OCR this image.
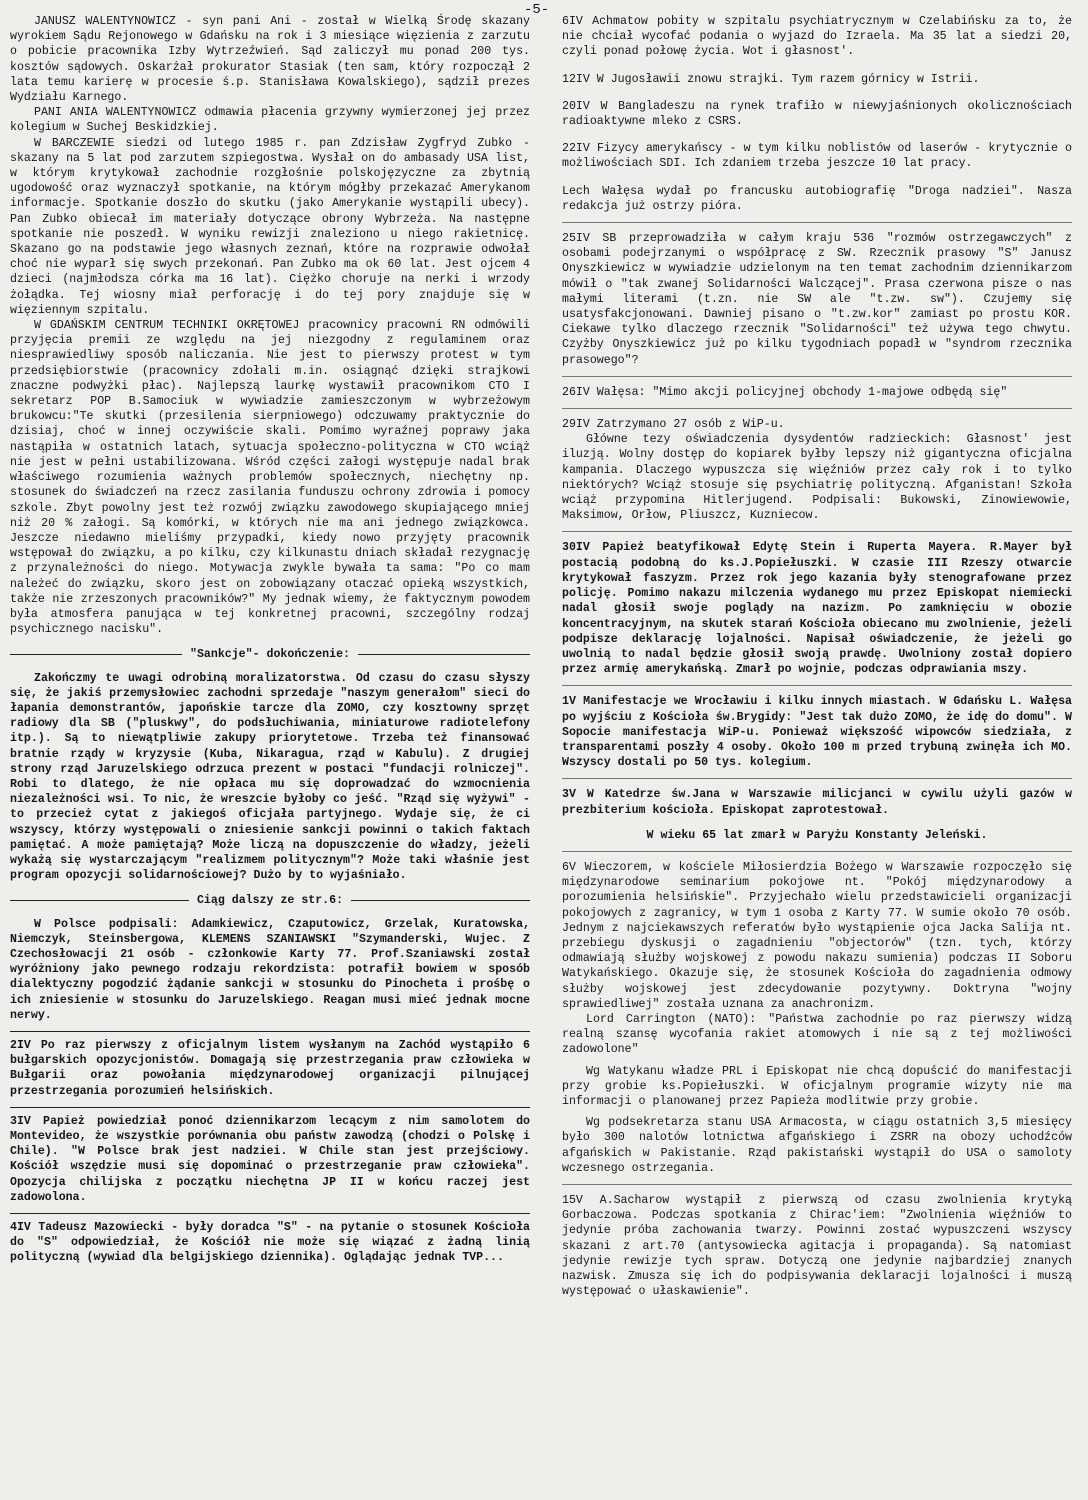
-5-

JANUSZ WALENTYNOWICZ - syn pani Ani - został w Wielką Środę skazany wyrokiem Sądu Rejonowego w Gdańsku na rok i 3 miesiące więzienia z zarzutu o pobicie pracownika Izby Wytrzeźwień. Sąd zaliczył mu ponad 200 tys. kosztów sądowych. Oskarżał prokurator Stasiak (ten sam, który rozpoczął 2 lata temu karierę w procesie ś.p. Stanisława Kowalskiego), sądził prezes Wydziału Karnego.

PANI ANIA WALENTYNOWICZ odmawia płacenia grzywny wymierzonej jej przez kolegium w Suchej Beskidzkiej.

W BARCZEWIE siedzi od lutego 1985 r. pan Zdzisław Zygfryd Zubko - skazany na 5 lat pod zarzutem szpiegostwa. Wysłał on do ambasady USA list, w którym krytykował zachodnie rozgłośnie polskojęzyczne za zbytnią ugodowość oraz wyznaczył spotkanie, na którym mógłby przekazać Amerykanom informacje. Spotkanie doszło do skutku (jako Amerykanie wystąpili ubecy). Pan Zubko obiecał im materiały dotyczące obrony Wybrzeża. Na następne spotkanie nie poszedł. W wyniku rewizji znaleziono u niego rakietnicę. Skazano go na podstawie jego własnych zeznań, które na rozprawie odwołał choć nie wyparł się swych przekonań. Pan Zubko ma ok 60 lat. Jest ojcem 4 dzieci (najmłodsza córka ma 16 lat). Ciężko choruje na nerki i wrzody żołądka. Tej wiosny miał perforację i do tej pory znajduje się w więziennym szpitalu.

W GDAŃSKIM CENTRUM TECHNIKI OKRĘTOWEJ pracownicy pracowni RN odmówili przyjęcia premii ze względu na jej niezgodny z regulaminem oraz niesprawiedliwy sposób naliczania. Nie jest to pierwszy protest w tym przedsiębiorstwie (pracownicy zdołali m.in. osiągnąć dzięki strajkowi znaczne podwyżki płac). Najlepszą laurkę wystawił pracownikom CTO I sekretarz POP B.Samociuk w wywiadzie zamieszczonym w wybrzeżowym brukowcu:"Te skutki (przesilenia sierpniowego) odczuwamy praktycznie do dzisiaj, choć w innej oczywiście skali. Pomimo wyraźnej poprawy jaka nastąpiła w ostatnich latach, sytuacja społeczno-polityczna w CTO wciąż nie jest w pełni ustabilizowana. Wśród części załogi występuje nadal brak właściwego rozumienia ważnych problemów społecznych, niechętny np. stosunek do świadczeń na rzecz zasilania funduszu ochrony zdrowia i pomocy szkole. Zbyt powolny jest też rozwój związku zawodowego skupiającego mniej niż 20 % załogi. Są komórki, w których nie ma ani jednego związkowca. Jeszcze niedawno mieliśmy przypadki, kiedy nowo przyjęty pracownik wstępował do związku, a po kilku, czy kilkunastu dniach składał rezygnację z przynależności do niego. Motywacja zwykle bywała ta sama: "Po co mam należeć do związku, skoro jest on zobowiązany otaczać opieką wszystkich, także nie zrzeszonych pracowników?" My jednak wiemy, że faktycznym powodem była atmosfera panująca w tej konkretnej pracowni, szczególny rodzaj psychicznego nacisku".

"Sankcje"- dokończenie:

Zakończmy te uwagi odrobiną moralizatorstwa. Od czasu do czasu słyszy się, że jakiś przemysłowiec zachodni sprzedaje "naszym generałom" sieci do łapania demonstrantów, japońskie tarcze dla ZOMO, czy kosztowny sprzęt radiowy dla SB ("pluskwy", do podsłuchiwania, miniaturowe radiotelefony itp.). Są to niewątpliwie zakupy priorytetowe. Trzeba też finansować bratnie rządy w kryzysie (Kuba, Nikaragua, rząd w Kabulu). Z drugiej strony rząd Jaruzelskiego odrzuca prezent w postaci "fundacji rolniczej". Robi to dlatego, że nie opłaca mu się doprowadzać do wzmocnienia niezależności wsi. To nic, że wreszcie byłoby co jeść. "Rząd się wyżywi" - to przecież cytat z jakiegoś oficjała partyjnego. Wydaje się, że ci wszyscy, którzy występowali o zniesienie sankcji powinni o takich faktach pamiętać. A może pamiętają? Może liczą na dopuszczenie do władzy, jeżeli wykażą się wystarczającym "realizmem politycznym"? Może taki właśnie jest program opozycji solidarnościowej? Dużo by to wyjaśniało.

Ciąg dalszy ze str.6:

W Polsce podpisali: Adamkiewicz, Czaputowicz, Grzelak, Kuratowska, Niemczyk, Steinsbergowa, KLEMENS SZANIAWSKI "Szymanderski, Wujec. Z Czechosłowacji 21 osób - członkowie Karty 77. Prof.Szaniawski został wyróżniony jako pewnego rodzaju rekordzista: potrafił bowiem w sposób dialektyczny pogodzić żądanie sankcji w stosunku do Pinocheta i prośbę o ich zniesienie w stosunku do Jaruzelskiego. Reagan musi mieć jednak mocne nerwy.

2IV Po raz pierwszy z oficjalnym listem wysłanym na Zachód wystąpiło 6 bułgarskich opozycjonistów. Domagają się przestrzegania praw człowieka w Bułgarii oraz powołania międzynarodowej organizacji pilnującej przestrzegania porozumień helsińskich.

3IV Papież powiedział ponoć dziennikarzom lecącym z nim samolotem do Montevideo, że wszystkie porównania obu państw zawodzą (chodzi o Polskę i Chile). "W Polsce brak jest nadziei. W Chile stan jest przejściowy. Kościół wszędzie musi się dopominać o przestrzeganie praw człowieka". Opozycja chilijska z początku niechętna JP II w końcu raczej jest zadowolona.

4IV Tadeusz Mazowiecki - były doradca "S" - na pytanie o stosunek Kościoła do "S" odpowiedział, że Kościół nie może się wiązać z żadną linią polityczną (wywiad dla belgijskiego dziennika). Oglądając jednak TVP...

6IV Achmatow pobity w szpitalu psychiatrycznym w Czelabińsku za to, że nie chciał wycofać podania o wyjazd do Izraela. Ma 35 lat a siedzi 20, czyli ponad połowę życia. Wot i głasnost'.

12IV W Jugosławii znowu strajki. Tym razem górnicy w Istrii.

20IV W Bangladeszu na rynek trafiło w niewyjaśnionych okolicznościach radioaktywne mleko z CSRS.

22IV Fizycy amerykańscy - w tym kilku noblistów od laserów - krytycznie o możliwościach SDI. Ich zdaniem trzeba jeszcze 10 lat pracy.

Lech Wałęsa wydał po francusku autobiografię "Droga nadziei". Nasza redakcja już ostrzy pióra.

25IV SB przeprowadziła w całym kraju 536 "rozmów ostrzegawczych" z osobami podejrzanymi o współpracę z SW. Rzecznik prasowy "S" Janusz Onyszkiewicz w wywiadzie udzielonym na ten temat zachodnim dziennikarzom mówił o "tak zwanej Solidarności Walczącej". Prasa czerwona pisze o nas małymi literami (t.zn. nie SW ale "t.zw. sw"). Czujemy się usatysfakcjonowani. Dawniej pisano o "t.zw.kor" zamiast po prostu KOR. Ciekawe tylko dlaczego rzecznik "Solidarności" też używa tego chwytu. Czyżby Onyszkiewicz już po kilku tygodniach popadł w "syndrom rzecznika prasowego"?

26IV Wałęsa: "Mimo akcji policyjnej obchody 1-majowe odbędą się"

29IV Zatrzymano 27 osób z WiP-u.

Główne tezy oświadczenia dysydentów radzieckich: Głasnost' jest iluzją. Wolny dostęp do kopiarek byłby lepszy niż gigantyczna oficjalna kampania. Dlaczego wypuszcza się więźniów przez cały rok i to tylko niektórych? Wciąż stosuje się psychiatrię polityczną. Afganistan! Szkoła wciąż przypomina Hitlerjugend. Podpisali: Bukowski, Zinowiewowie, Maksimow, Orłow, Pliuszcz, Kuzniecow.

30IV Papież beatyfikował Edytę Stein i Ruperta Mayera. R.Mayer był postacią podobną do ks.J.Popiełuszki. W czasie III Rzeszy otwarcie krytykował faszyzm. Przez rok jego kazania były stenografowane przez policję. Pomimo nakazu milczenia wydanego mu przez Episkopat niemiecki nadal głosił swoje poglądy na nazizm. Po zamknięciu w obozie koncentracyjnym, na skutek starań Kościoła obiecano mu zwolnienie, jeżeli podpisze deklarację lojalności. Napisał oświadczenie, że jeżeli go uwolnią to nadal będzie głosił swoją prawdę. Uwolniony został dopiero przez armię amerykańską. Zmarł po wojnie, podczas odprawiania mszy.

1V Manifestacje we Wrocławiu i kilku innych miastach. W Gdańsku L. Wałęsa po wyjściu z Kościoła św.Brygidy: "Jest tak dużo ZOMO, że idę do domu". W Sopocie manifestacja WiP-u. Ponieważ większość wipowców siedziała, z transparentami poszły 4 osoby. Około 100 m przed trybuną zwinęła ich MO. Wszyscy dostali po 50 tys. kolegium.

3V W Katedrze św.Jana w Warszawie milicjanci w cywilu użyli gazów w prezbiterium kościoła. Episkopat zaprotestował.

W wieku 65 lat zmarł w Paryżu Konstanty Jeleński.

6V Wieczorem, w kościele Miłosierdzia Bożego w Warszawie rozpoczęło się międzynarodowe seminarium pokojowe nt. "Pokój międzynarodowy a porozumienia helsińskie". Przyjechało wielu przedstawicieli organizacji pokojowych z zagranicy, w tym 1 osoba z Karty 77. W sumie około 70 osób. Jednym z najciekawszych referatów było wystąpienie ojca Jacka Salija nt. przebiegu dyskusji o zagadnieniu "objectorów" (tzn. tych, którzy odmawiają służby wojskowej z powodu nakazu sumienia) podczas II Soboru Watykańskiego. Okazuje się, że stosunek Kościoła do zagadnienia odmowy służby wojskowej jest zdecydowanie pozytywny. Doktryna "wojny sprawiedliwej" została uznana za anachronizm.

Lord Carrington (NATO): "Państwa zachodnie po raz pierwszy widzą realną szansę wycofania rakiet atomowych i nie są z tej możliwości zadowolone"

Wg Watykanu władze PRL i Episkopat nie chcą dopuścić do manifestacji przy grobie ks.Popiełuszki. W oficjalnym programie wizyty nie ma informacji o planowanej przez Papieża modlitwie przy grobie.

Wg podsekretarza stanu USA Armacosta, w ciągu ostatnich 3,5 miesięcy było 300 nalotów lotnictwa afgańskiego i ZSRR na obozy uchodźców afgańskich w Pakistanie. Rząd pakistański wystąpił do USA o samoloty wczesnego ostrzegania.

15V A.Sacharow wystąpił z pierwszą od czasu zwolnienia krytyką Gorbaczowa. Podczas spotkania z Chirac'iem: "Zwolnienia więźniów to jedynie próba zachowania twarzy. Powinni zostać wypuszczeni wszyscy skazani z art.70 (antysowiecka agitacja i propaganda). Są natomiast jedynie rewizje tych spraw. Dotyczą one jedynie najbardziej znanych nazwisk. Zmusza się ich do podpisywania deklaracji lojalności i muszą występować o ułaskawienie".
